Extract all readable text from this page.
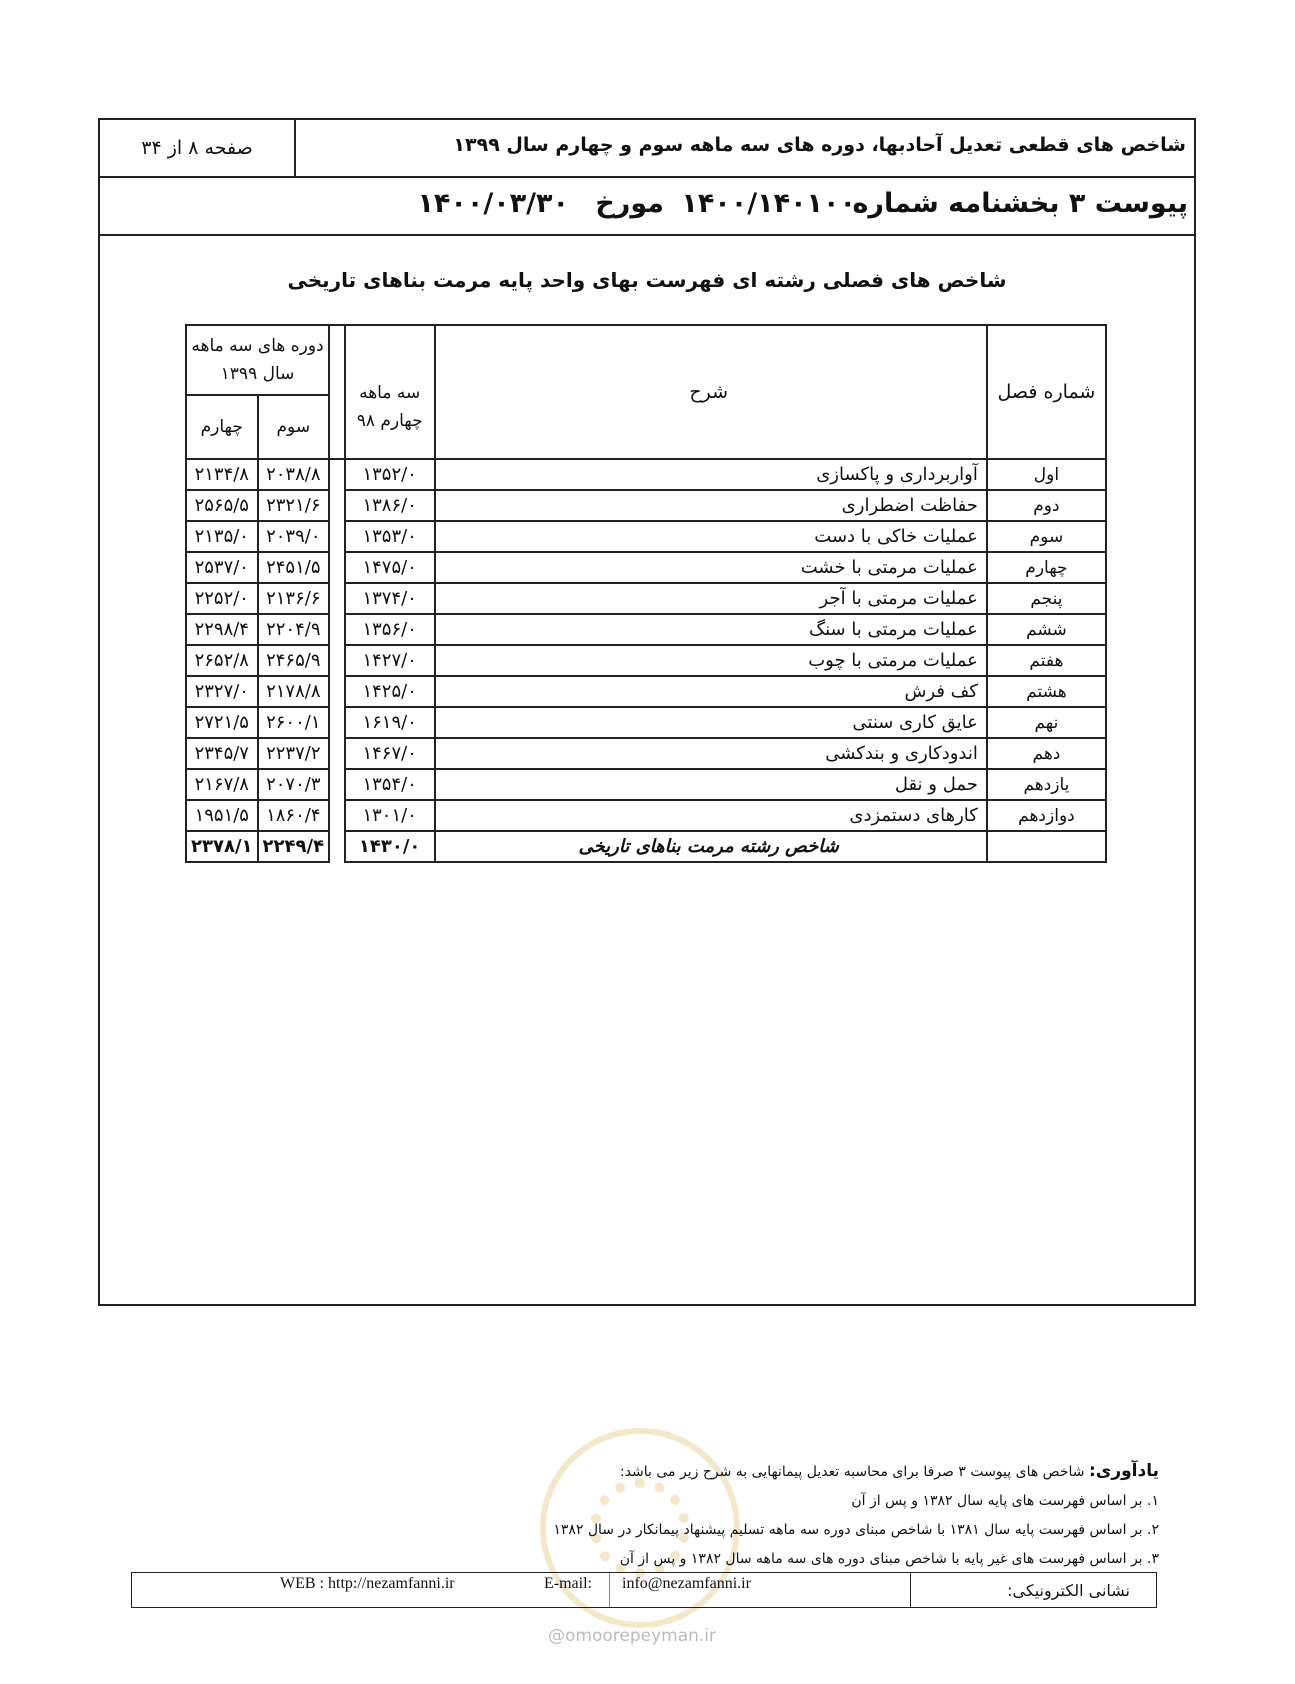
شاخص های قطعی تعدیل آحادبها، دوره های سه ماهه سوم و چهارم سال ۱۳۹۹
صفحه ۸ از ۳۴
پیوست ۳ بخشنامه شماره
۱۴۰۰/۱۴۰۱۰۰
مورخ
۱۴۰۰/۰۳/۳۰
شاخص های فصلی رشته ای فهرست بهای واحد پایه مرمت بناهای تاریخی
شماره فصل	شرح	سه ماهه چهارم ۹۸		دوره های سه ماهه
سال ۱۳۹۹	

				سوم	چهارم
اول	آواربرداری و پاکسازی	۱۳۵۲/۰		۲۰۳۸/۸	۲۱۳۴/۸
دوم	حفاظت اضطراری	۱۳۸۶/۰		۲۳۲۱/۶	۲۵۶۵/۵
سوم	عملیات خاکی با دست	۱۳۵۳/۰		۲۰۳۹/۰	۲۱۳۵/۰
چهارم	عملیات مرمتی با خشت	۱۴۷۵/۰		۲۴۵۱/۵	۲۵۳۷/۰
پنجم	عملیات مرمتی با آجر	۱۳۷۴/۰		۲۱۳۶/۶	۲۲۵۲/۰
ششم	عملیات مرمتی با سنگ	۱۳۵۶/۰		۲۲۰۴/۹	۲۲۹۸/۴
هفتم	عملیات مرمتی با چوب	۱۴۲۷/۰		۲۴۶۵/۹	۲۶۵۲/۸
هشتم	کف فرش	۱۴۲۵/۰		۲۱۷۸/۸	۲۳۲۷/۰
نهم	عایق کاری سنتی	۱۶۱۹/۰		۲۶۰۰/۱	۲۷۲۱/۵
دهم	اندودکاری و بندکشی	۱۴۶۷/۰		۲۲۳۷/۲	۲۳۴۵/۷
یازدهم	حمل و نقل	۱۳۵۴/۰		۲۰۷۰/۳	۲۱۶۷/۸
دوازدهم	کارهای دستمزدی	۱۳۰۱/۰		۱۸۶۰/۴	۱۹۵۱/۵
	شاخص رشته مرمت بناهای تاریخی	۱۴۳۰/۰		۲۲۴۹/۴	۲۳۷۸/۱
یادآوری: شاخص های پیوست ۳ صرفا برای محاسبه تعدیل پیمانهایی به شرح زیر می باشد:
۱. بر اساس فهرست های پایه سال ۱۳۸۲ و پس از آن
۲. بر اساس فهرست پایه سال ۱۳۸۱ با شاخص مبنای دوره سه ماهه تسلیم پیشنهاد پیمانکار در سال ۱۳۸۲
۳. بر اساس فهرست های غیر پایه با شاخص مبنای دوره های سه ماهه سال ۱۳۸۲ و پس از آن
نشانی الکترونیکی:
WEB : http://nezamfanni.ir	E-mail: info@nezamfanni.ir
@omoorepeyman.ir
